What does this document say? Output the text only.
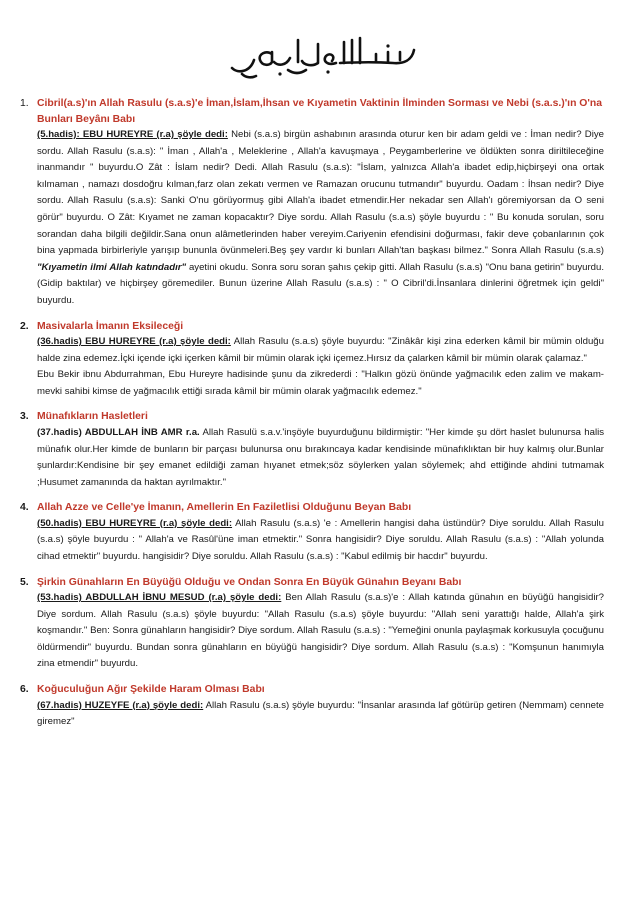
1. Cibril(a.s)'ın Allah Rasulu (s.a.s)'e İman,İslam,İhsan ve Kıyametin Vaktinin İlminden Sorması ve Nebi (s.a.s.)'ın O'na Bunları Beyânı Babı
(5.hadis): EBU HUREYRE (r.a) şöyle dedi: Nebi (s.a.s) birgün ashabının arasında oturur ken bir adam geldi ve : İman nedir? Diye sordu. Allah Rasulu (s.a.s): " İman , Allah'a , Meleklerine , Allah'a kavuşmaya , Peygamberlerine ve öldükten sonra diriltileceğine inanmandır " buyurdu.O Zât : İslam nedir? Dedi. Allah Rasulu (s.a.s): "İslam, yalnızca Allah'a ibadet edip,hiçbirşeyi ona ortak kılmaman , namazı dosdoğru kılman,farz olan zekatı vermen ve Ramazan orucunu tutmandır" buyurdu. Oadam : İhsan nedir? Diye sordu. Allah Rasulu (s.a.s): Sanki O'nu görüyormuş gibi Allah'a ibadet etmendir.Her nekadar sen Allah'ı göremiyorsan da O seni görür" buyurdu. O Zât: Kıyamet ne zaman kopacaktır? Diye sordu. Allah Rasulu (s.a.s) şöyle buyurdu : " Bu konuda sorulan, soru sorandan daha bilgili değildir.Sana onun alâmetlerinden haber vereyim.Cariyenin efendisini doğurması, fakir deve çobanlarının çok bina yapmada birbirleriyle yarışıp bununla övünmeleri.Beş şey vardır ki bunları Allah'tan başkası bilmez." Sonra Allah Rasulu (s.a.s) "Kıyametin ilmi Allah katındadır" ayetini okudu. Sonra soru soran şahıs çekip gitti. Allah Rasulu (s.a.s) "Onu bana getirin" buyurdu.(Gidip baktılar) ve hiçbirşey göremediler. Bunun üzerine Allah Rasulu (s.a.s) : " O Cibril'di.İnsanlara dinlerini öğretmek için geldi" buyurdu.
2. Masivalarla İmanın Eksileceği
(36.hadis) EBU HUREYRE (r.a) şöyle dedi: Allah Rasulu (s.a.s) şöyle buyurdu: "Zinâkâr kişi zina ederken kâmil bir mümin olduğu halde zina edemez.İçki içende içki içerken kâmil bir mümin olarak içki içemez.Hırsız da çalarken kâmil bir mümin olarak çalamaz."
Ebu Bekir ibnu Abdurrahman, Ebu Hureyre hadisinde şunu da zikrederdi : "Halkın gözü önünde yağmacılık eden zalim ve makam-mevki sahibi kimse de yağmacılık ettiği sırada kâmil bir mümin olarak yağmacılık edemez."
3. Münafıkların Hasletleri
(37.hadis) ABDULLAH İNB AMR r.a. Allah Rasulü s.a.v.'inşöyle buyurduğunu bildirmiştir: "Her kimde şu dört haslet bulunursa halis münafık olur.Her kimde de bunların bir parçası bulunursa onu bırakıncaya kadar kendisinde münafıklıktan bir huy kalmış olur.Bunlar şunlardır:Kendisine bir şey emanet edildiği zaman hıyanet etmek;söz söylerken yalan söylemek; ahd ettiğinde ahdini tutmamak ;Husumet zamanında da haktan ayrılmaktır."
4. Allah Azze ve Celle'ye İmanın, Amellerin En Faziletlisi Olduğunu Beyan Babı
(50.hadis) EBU HUREYRE (r.a) şöyle dedi: Allah Rasulu (s.a.s) 'e : Amellerin hangisi daha üstündür? Diye soruldu. Allah Rasulu (s.a.s) şöyle buyurdu : " Allah'a ve Rasûl'üne iman etmektir." Sonra hangisidir? Diye soruldu. Allah Rasulu (s.a.s) : "Allah yolunda cihad etmektir" buyurdu. hangisidir? Diye soruldu. Allah Rasulu (s.a.s) : "Kabul edilmiş bir hacdır" buyurdu.
5. Şirkin Günahların En Büyüğü Olduğu ve Ondan Sonra En Büyük Günahın Beyanı Babı
(53.hadis) ABDULLAH İBNU MESUD (r.a) şöyle dedi: Ben Allah Rasulu (s.a.s)'e : Allah katında günahın en büyüğü hangisidir? Diye sordum. Allah Rasulu (s.a.s) şöyle buyurdu: "Allah Rasulu (s.a.s) şöyle buyurdu: "Allah seni yarattığı halde, Allah'a şirk koşmandır." Ben: Sonra günahların hangisidir? Diye sordum. Allah Rasulu (s.a.s) : "Yemeğini onunla paylaşmak korkusuyla çocuğunu öldürmendir" buyurdu. Bundan sonra günahların en büyüğü hangisidir? Diye sordum. Allah Rasulu (s.a.s) : "Komşunun hanımıyla zina etmendir" buyurdu.
6. Koğuculuğun Ağır Şekilde Haram Olması Babı
(67.hadis) HUZEYFE (r.a) şöyle dedi: Allah Rasulu (s.a.s) şöyle buyurdu: "İnsanlar arasında laf götürüp getiren (Nemmam) cennete giremez"
